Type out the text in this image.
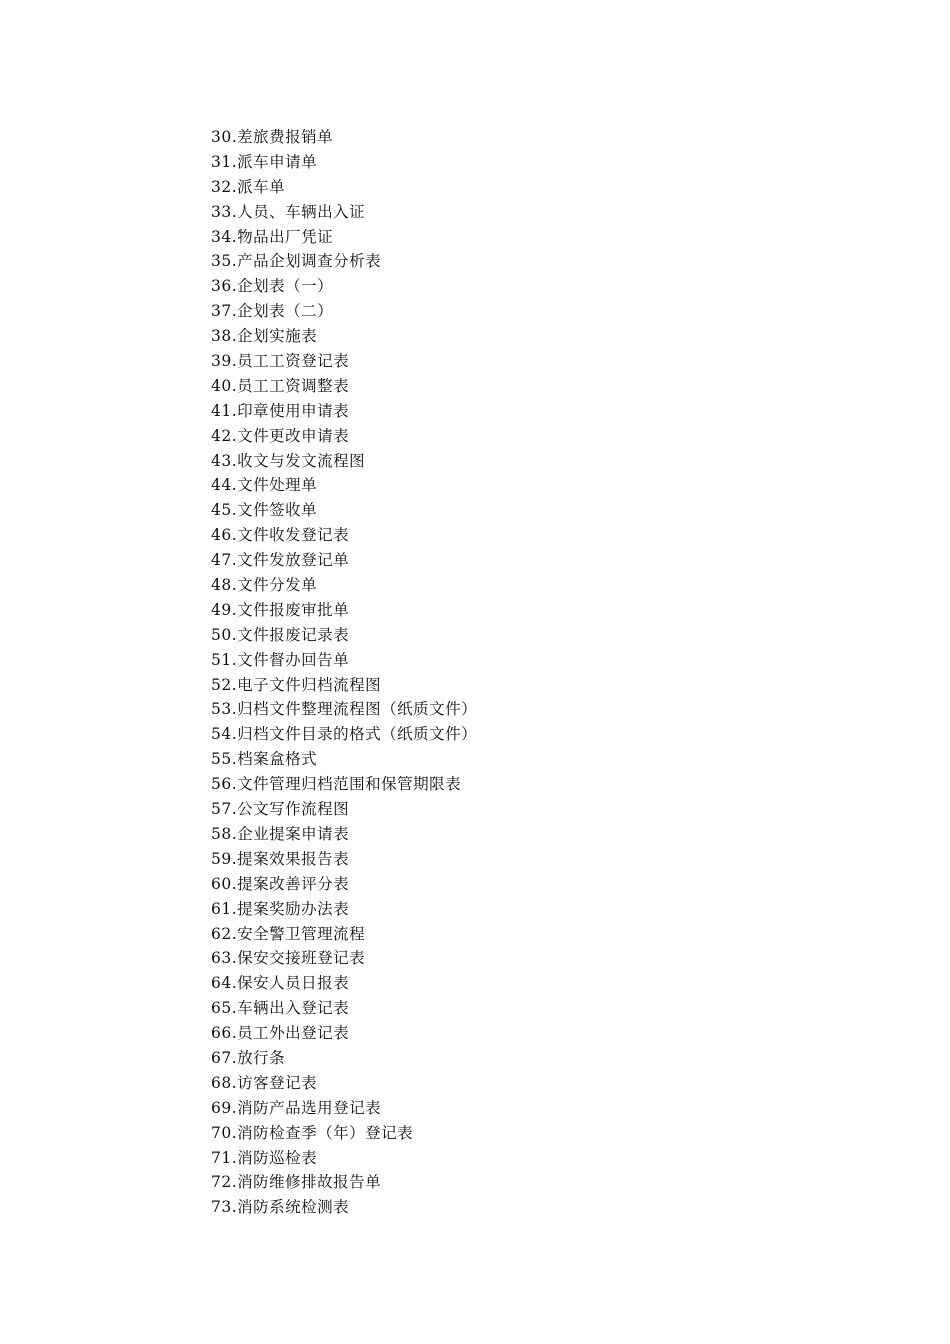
30.差旅费报销单
31.派车申请单
32.派车单
33.人员、车辆出入证
34.物品出厂凭证
35.产品企划调查分析表
36.企划表（一）
37.企划表（二）
38.企划实施表
39.员工工资登记表
40.员工工资调整表
41.印章使用申请表
42.文件更改申请表
43.收文与发文流程图
44.文件处理单
45.文件签收单
46.文件收发登记表
47.文件发放登记单
48.文件分发单
49.文件报废审批单
50.文件报废记录表
51.文件督办回告单
52.电子文件归档流程图
53.归档文件整理流程图（纸质文件）
54.归档文件目录的格式（纸质文件）
55.档案盒格式
56.文件管理归档范围和保管期限表
57.公文写作流程图
58.企业提案申请表
59.提案效果报告表
60.提案改善评分表
61.提案奖励办法表
62.安全警卫管理流程
63.保安交接班登记表
64.保安人员日报表
65.车辆出入登记表
66.员工外出登记表
67.放行条
68.访客登记表
69.消防产品选用登记表
70.消防检查季（年）登记表
71.消防巡检表
72.消防维修排故报告单
73.消防系统检测表
